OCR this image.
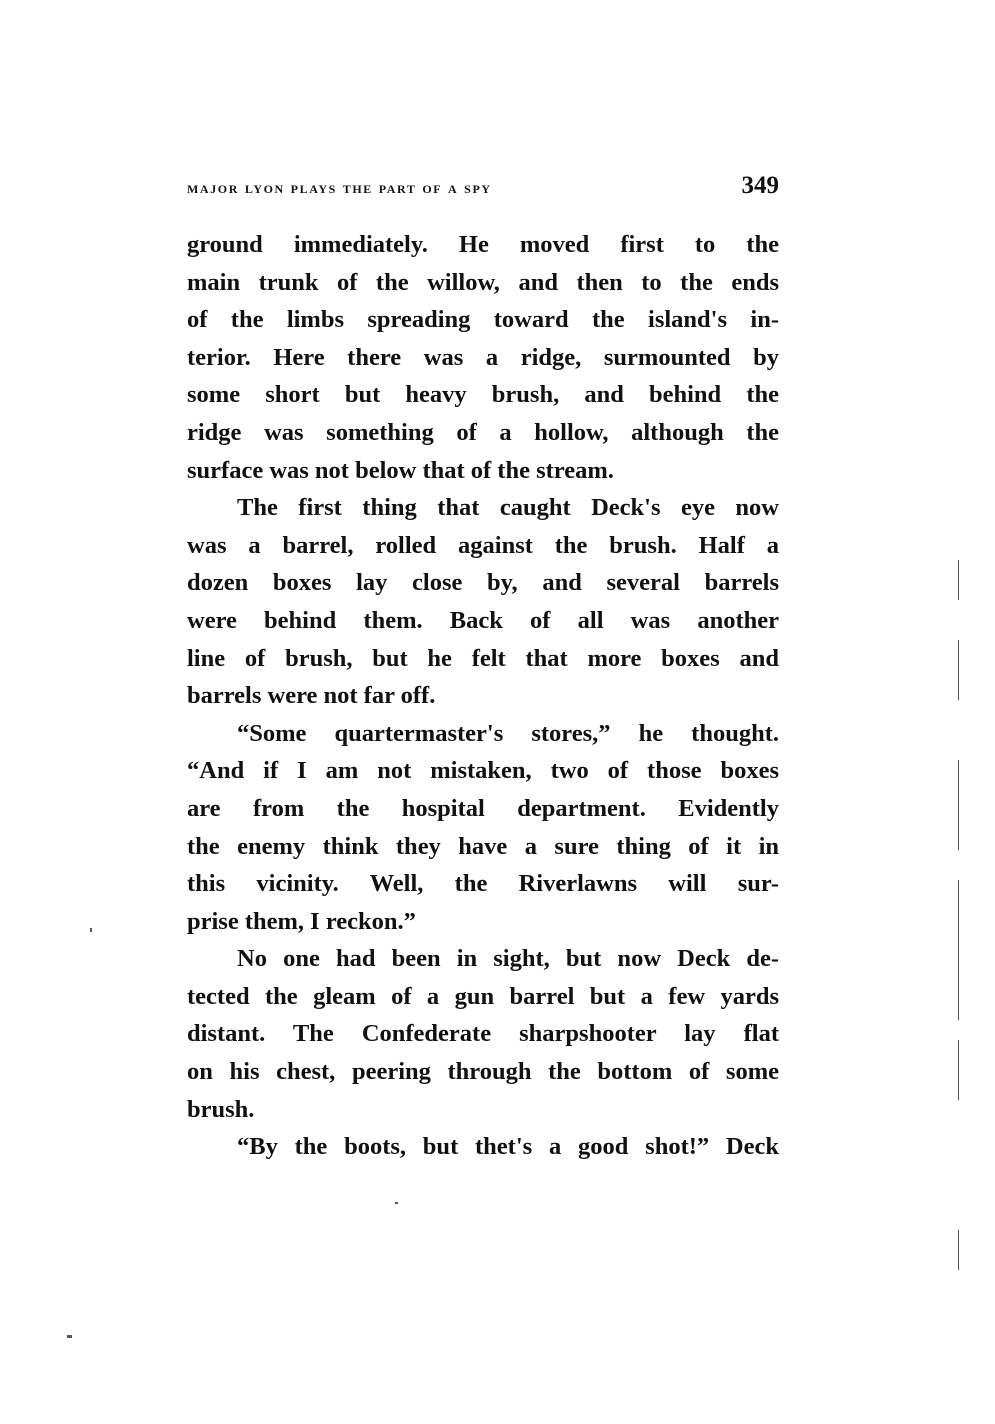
major lyon plays the part of a spy	349
ground immediately. He moved first to the
main trunk of the willow, and then to the ends
of the limbs spreading toward the island's in-
terior. Here there was a ridge, surmounted by
some short but heavy brush, and behind the
ridge was something of a hollow, although the
surface was not below that of the stream.
The first thing that caught Deck's eye now
was a barrel, rolled against the brush. Half a
dozen boxes lay close by, and several barrels
were behind them. Back of all was another
line of brush, but he felt that more boxes and
barrels were not far off.
“Some quartermaster's stores,” he thought.
“And if I am not mistaken, two of those boxes
are from the hospital department. Evidently
the enemy think they have a sure thing of it in
this vicinity. Well, the Riverlawns will sur-
prise them, I reckon.”
No one had been in sight, but now Deck de-
tected the gleam of a gun barrel but a few yards
distant. The Confederate sharpshooter lay flat
on his chest, peering through the bottom of some
brush.
“By the boots, but thet's a good shot!” Deck
